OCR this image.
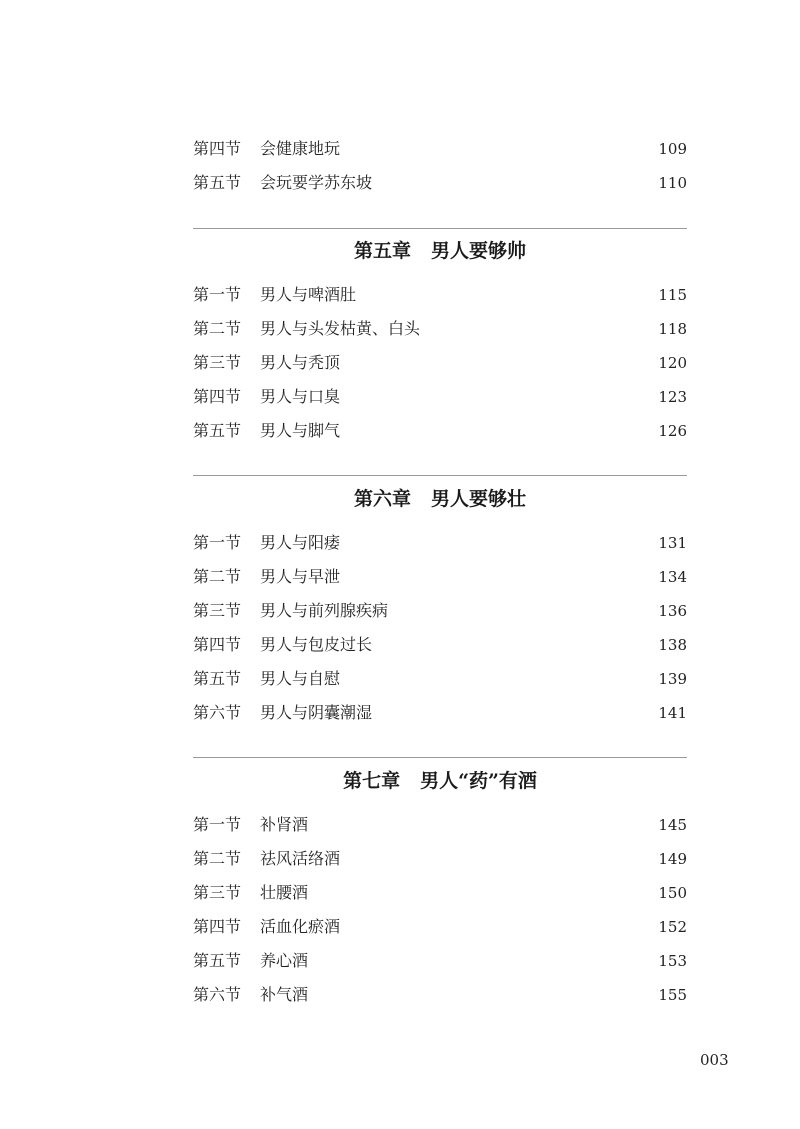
第四节 会健康地玩	109
第五节 会玩要学苏东坡	110
第五章 男人要够帅
第一节 男人与啤酒肚	115
第二节 男人与头发枯黄、白头	118
第三节 男人与秃顶	120
第四节 男人与口臭	123
第五节 男人与脚气	126
第六章 男人要够壮
第一节 男人与阳痿	131
第二节 男人与早泄	134
第三节 男人与前列腺疾病	136
第四节 男人与包皮过长	138
第五节 男人与自慰	139
第六节 男人与阴囊潮湿	141
第七章 男人“药”有酒
第一节 补肾酒	145
第二节 祛风活络酒	149
第三节 壮腰酒	150
第四节 活血化瘀酒	152
第五节 养心酒	153
第六节 补气酒	155
003
